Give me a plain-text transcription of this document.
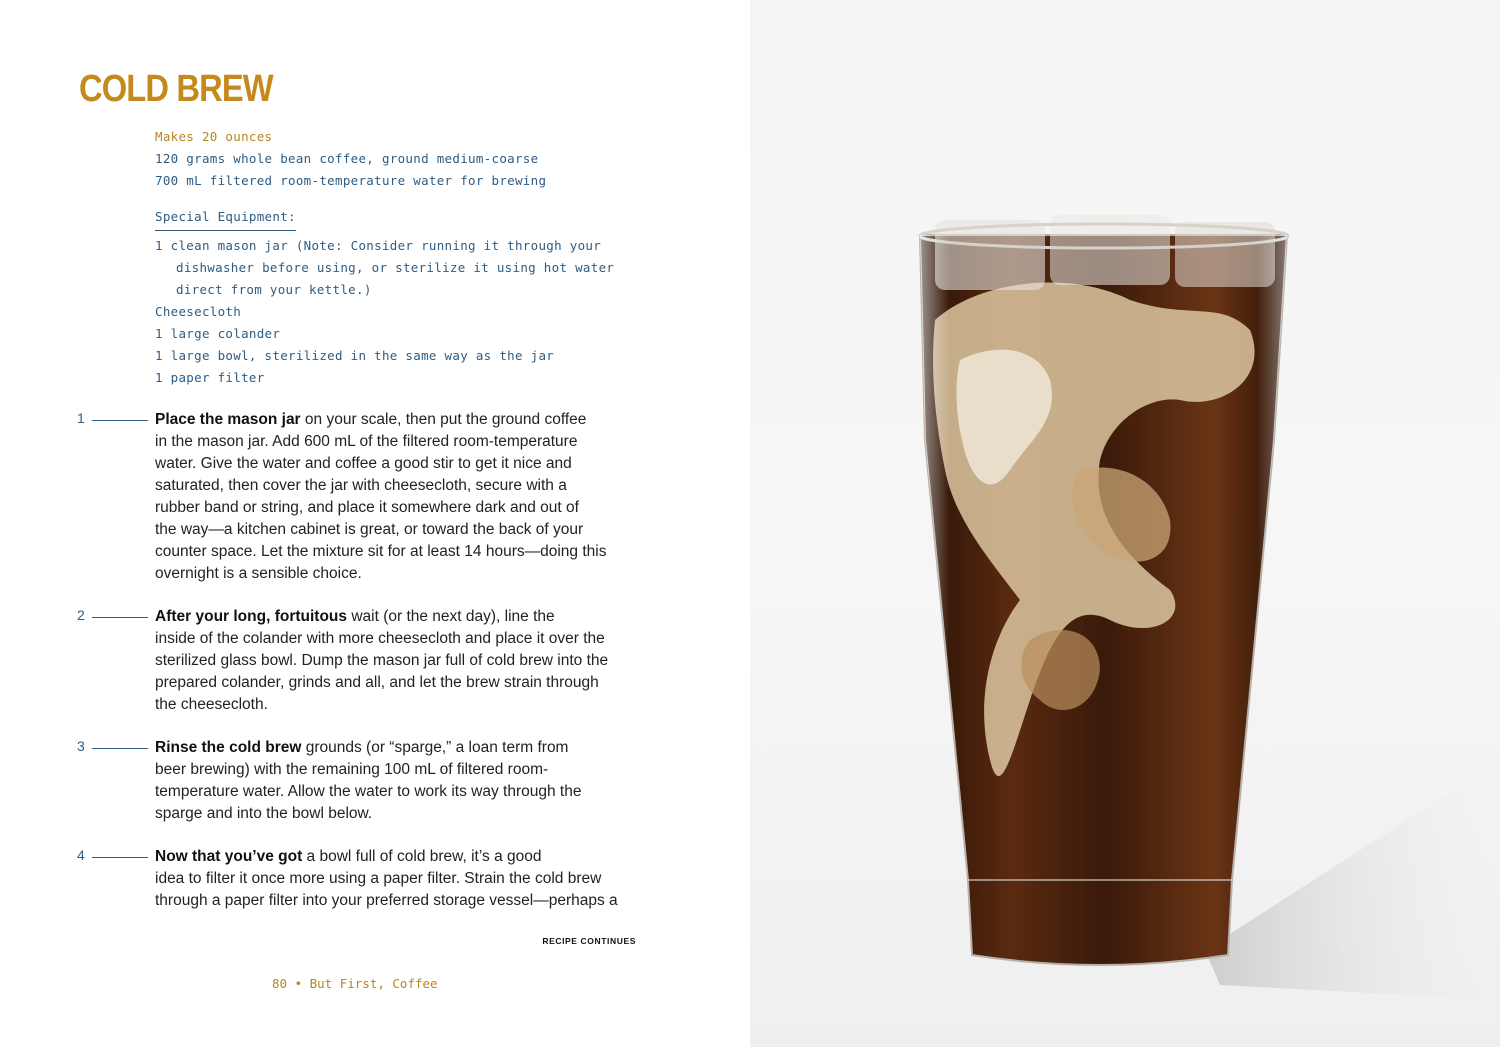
COLD BREW
Makes 20 ounces
120 grams whole bean coffee, ground medium-coarse
700 mL filtered room-temperature water for brewing
Special Equipment:
1 clean mason jar (Note: Consider running it through your
dishwasher before using, or sterilize it using hot water
direct from your kettle.)
Cheesecloth
1 large colander
1 large bowl, sterilized in the same way as the jar
1 paper filter
1	Place the mason jar on your scale, then put the ground coffee
in the mason jar. Add 600 mL of the filtered room-temperature
water. Give the water and coffee a good stir to get it nice and
saturated, then cover the jar with cheesecloth, secure with a
rubber band or string, and place it somewhere dark and out of
the way—a kitchen cabinet is great, or toward the back of your
counter space. Let the mixture sit for at least 14 hours—doing this
overnight is a sensible choice.
2	After your long, fortuitous wait (or the next day), line the
inside of the colander with more cheesecloth and place it over the
sterilized glass bowl. Dump the mason jar full of cold brew into the
prepared colander, grinds and all, and let the brew strain through
the cheesecloth.
3	Rinse the cold brew grounds (or “sparge,” a loan term from
beer brewing) with the remaining 100 mL of filtered room-
temperature water. Allow the water to work its way through the
sparge and into the bowl below.
4	Now that you’ve got a bowl full of cold brew, it’s a good
idea to filter it once more using a paper filter. Strain the cold brew
through a paper filter into your preferred storage vessel—perhaps a
RECIPE CONTINUES
80 • But First, Coffee
